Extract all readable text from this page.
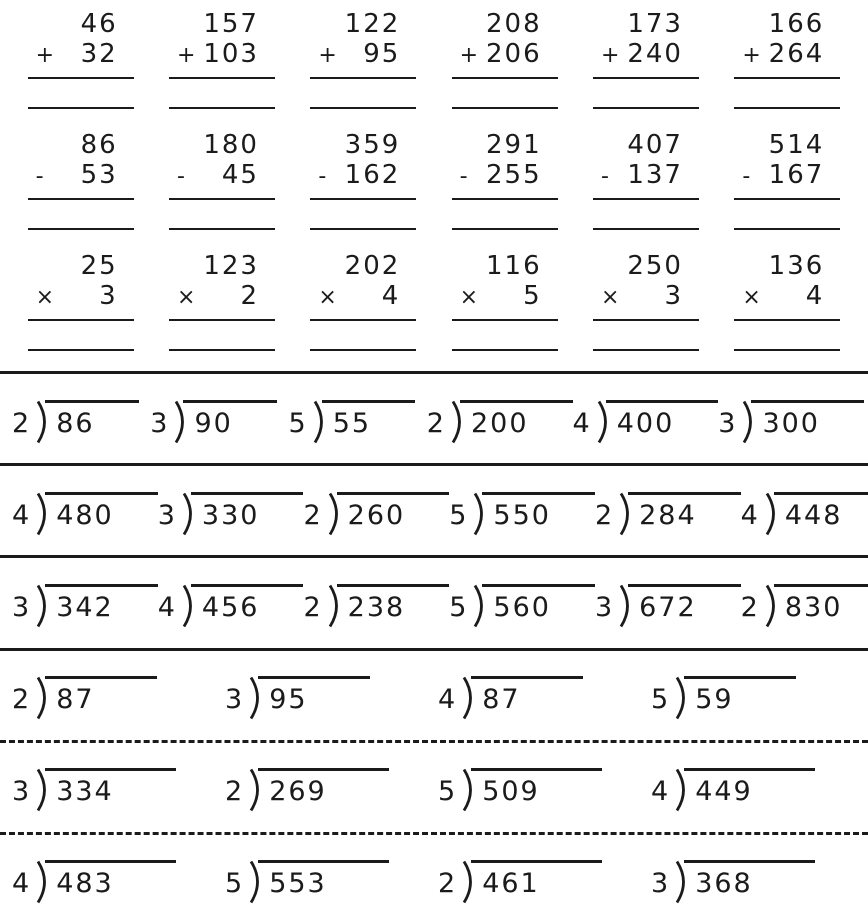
46
+ 32
157
+ 103
122
+ 95
208
+ 206
173
+ 240
166
+ 264
86
- 53
180
- 45
359
- 162
291
- 255
407
- 137
514
- 167
25
× 3
123
× 2
202
× 4
116
× 5
250
× 3
136
× 4
2 86	3 90	5 55	2 200	4 400	3 300
4 480	3 330	2 260	5 550	2 284	4 448
3 342	4 456	2 238	5 560	3 672	2 830
2 87	3 95	4 87	5 59
3 334	2 269	5 509	4 449
4 483	5 553	2 461	3 368
